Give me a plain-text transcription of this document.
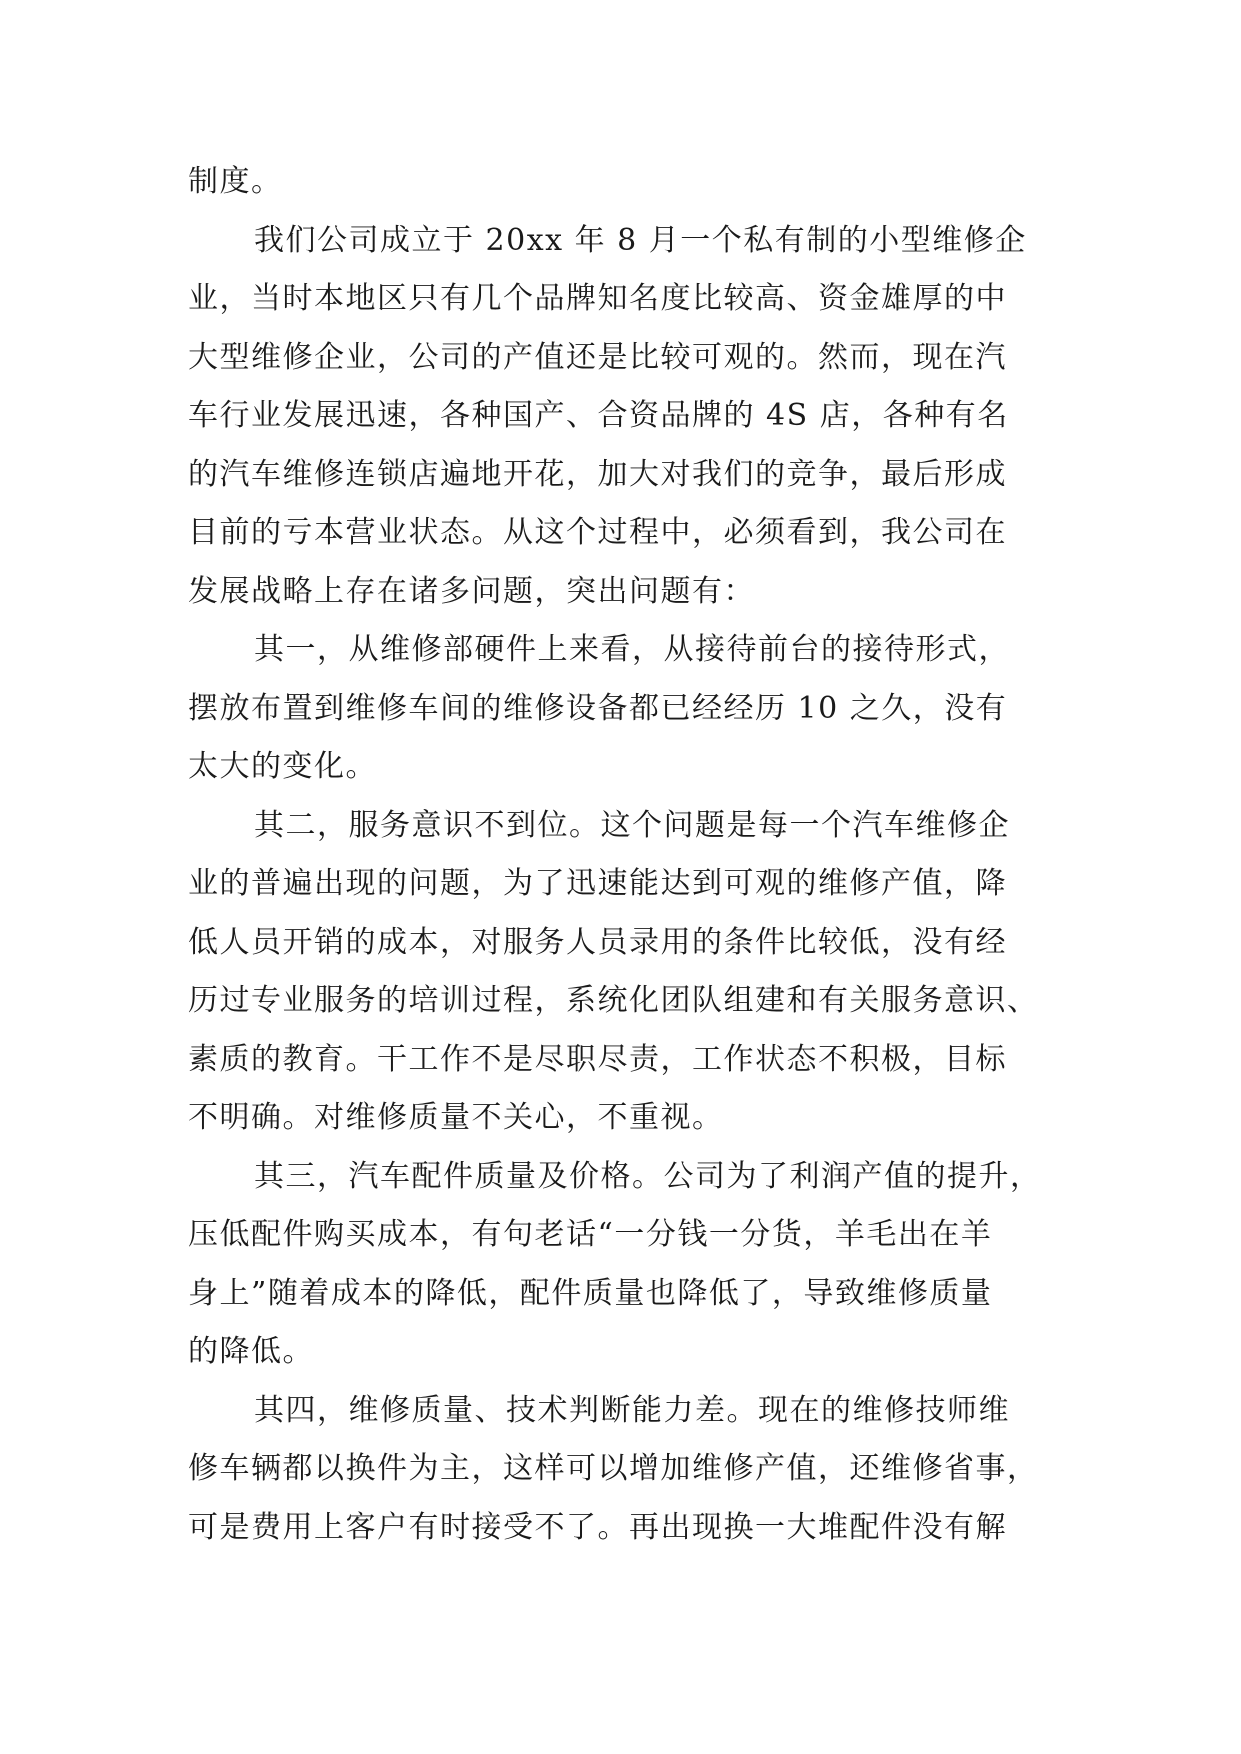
制度。
我们公司成立于 20xx 年 8 月一个私有制的小型维修企
业，当时本地区只有几个品牌知名度比较高、资金雄厚的中
大型维修企业，公司的产值还是比较可观的。然而，现在汽
车行业发展迅速，各种国产、合资品牌的 4S 店，各种有名
的汽车维修连锁店遍地开花，加大对我们的竞争，最后形成
目前的亏本营业状态。从这个过程中，必须看到，我公司在
发展战略上存在诸多问题，突出问题有：
其一，从维修部硬件上来看，从接待前台的接待形式，
摆放布置到维修车间的维修设备都已经经历 10 之久，没有
太大的变化。
其二，服务意识不到位。这个问题是每一个汽车维修企
业的普遍出现的问题，为了迅速能达到可观的维修产值，降
低人员开销的成本，对服务人员录用的条件比较低，没有经
历过专业服务的培训过程，系统化团队组建和有关服务意识、
素质的教育。干工作不是尽职尽责，工作状态不积极，目标
不明确。对维修质量不关心，不重视。
其三，汽车配件质量及价格。公司为了利润产值的提升，
压低配件购买成本，有句老话“一分钱一分货，羊毛出在羊
身上”随着成本的降低，配件质量也降低了，导致维修质量
的降低。
其四，维修质量、技术判断能力差。现在的维修技师维
修车辆都以换件为主，这样可以增加维修产值，还维修省事，
可是费用上客户有时接受不了。再出现换一大堆配件没有解
